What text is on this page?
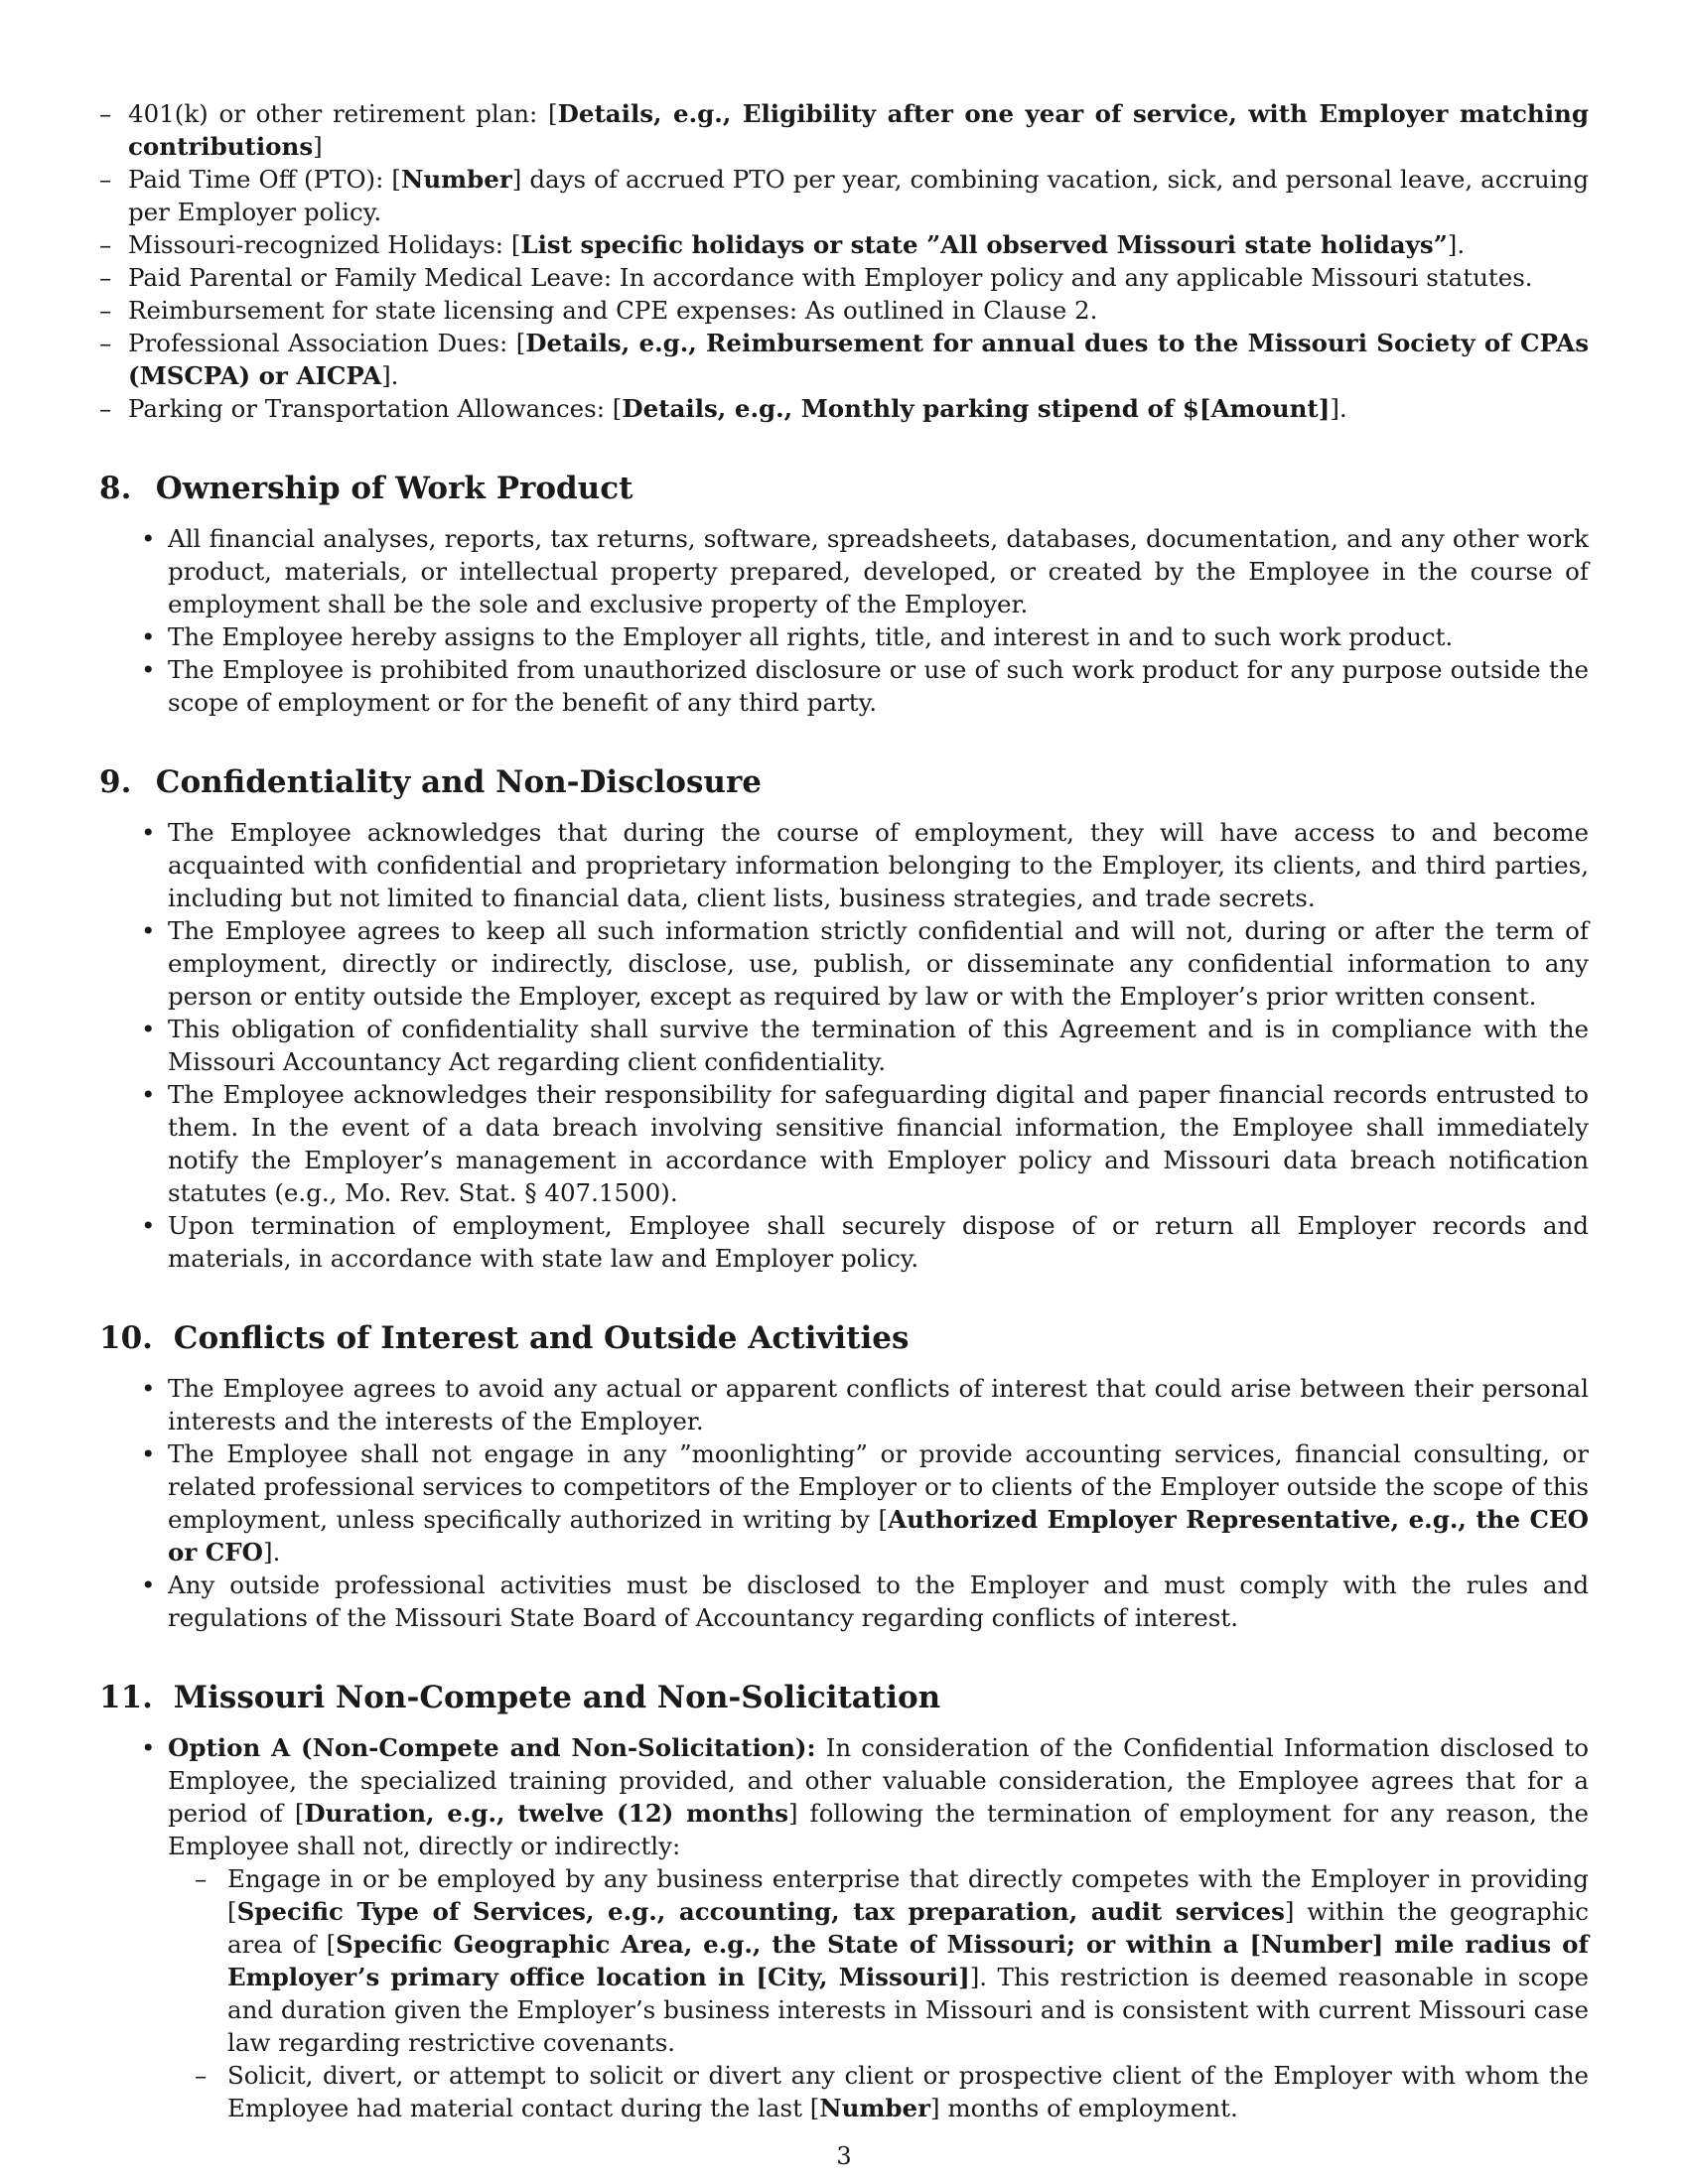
– 401(k) or other retirement plan: [Details, e.g., Eligibility after one year of service, with Employer matching contributions]
– Paid Time Off (PTO): [Number] days of accrued PTO per year, combining vacation, sick, and personal leave, accruing per Employer policy.
– Missouri-recognized Holidays: [List specific holidays or state ”All observed Missouri state holidays”].
– Paid Parental or Family Medical Leave: In accordance with Employer policy and any applicable Missouri statutes.
– Reimbursement for state licensing and CPE expenses: As outlined in Clause 2.
– Professional Association Dues: [Details, e.g., Reimbursement for annual dues to the Missouri Society of CPAs (MSCPA) or AICPA].
– Parking or Transportation Allowances: [Details, e.g., Monthly parking stipend of $[Amount]].
8. Ownership of Work Product
• All financial analyses, reports, tax returns, software, spreadsheets, databases, documentation, and any other work product, materials, or intellectual property prepared, developed, or created by the Employee in the course of employment shall be the sole and exclusive property of the Employer.
• The Employee hereby assigns to the Employer all rights, title, and interest in and to such work product.
• The Employee is prohibited from unauthorized disclosure or use of such work product for any purpose outside the scope of employment or for the benefit of any third party.
9. Confidentiality and Non-Disclosure
• The Employee acknowledges that during the course of employment, they will have access to and become acquainted with confidential and proprietary information belonging to the Employer, its clients, and third parties, including but not limited to financial data, client lists, business strategies, and trade secrets.
• The Employee agrees to keep all such information strictly confidential and will not, during or after the term of employment, directly or indirectly, disclose, use, publish, or disseminate any confidential information to any person or entity outside the Employer, except as required by law or with the Employer’s prior written consent.
• This obligation of confidentiality shall survive the termination of this Agreement and is in compliance with the Missouri Accountancy Act regarding client confidentiality.
• The Employee acknowledges their responsibility for safeguarding digital and paper financial records entrusted to them. In the event of a data breach involving sensitive financial information, the Employee shall immediately notify the Employer’s management in accordance with Employer policy and Missouri data breach notification statutes (e.g., Mo. Rev. Stat. § 407.1500).
• Upon termination of employment, Employee shall securely dispose of or return all Employer records and materials, in accordance with state law and Employer policy.
10. Conflicts of Interest and Outside Activities
• The Employee agrees to avoid any actual or apparent conflicts of interest that could arise between their personal interests and the interests of the Employer.
• The Employee shall not engage in any ”moonlighting” or provide accounting services, financial consulting, or related professional services to competitors of the Employer or to clients of the Employer outside the scope of this employment, unless specifically authorized in writing by [Authorized Employer Representative, e.g., the CEO or CFO].
• Any outside professional activities must be disclosed to the Employer and must comply with the rules and regulations of the Missouri State Board of Accountancy regarding conflicts of interest.
11. Missouri Non-Compete and Non-Solicitation
• Option A (Non-Compete and Non-Solicitation): In consideration of the Confidential Information disclosed to Employee, the specialized training provided, and other valuable consideration, the Employee agrees that for a period of [Duration, e.g., twelve (12) months] following the termination of employment for any reason, the Employee shall not, directly or indirectly:
– Engage in or be employed by any business enterprise that directly competes with the Employer in providing [Specific Type of Services, e.g., accounting, tax preparation, audit services] within the geographic area of [Specific Geographic Area, e.g., the State of Missouri; or within a [Number] mile radius of Employer’s primary office location in [City, Missouri]]. This restriction is deemed reasonable in scope and duration given the Employer’s business interests in Missouri and is consistent with current Missouri case law regarding restrictive covenants.
– Solicit, divert, or attempt to solicit or divert any client or prospective client of the Employer with whom the Employee had material contact during the last [Number] months of employment.
3
